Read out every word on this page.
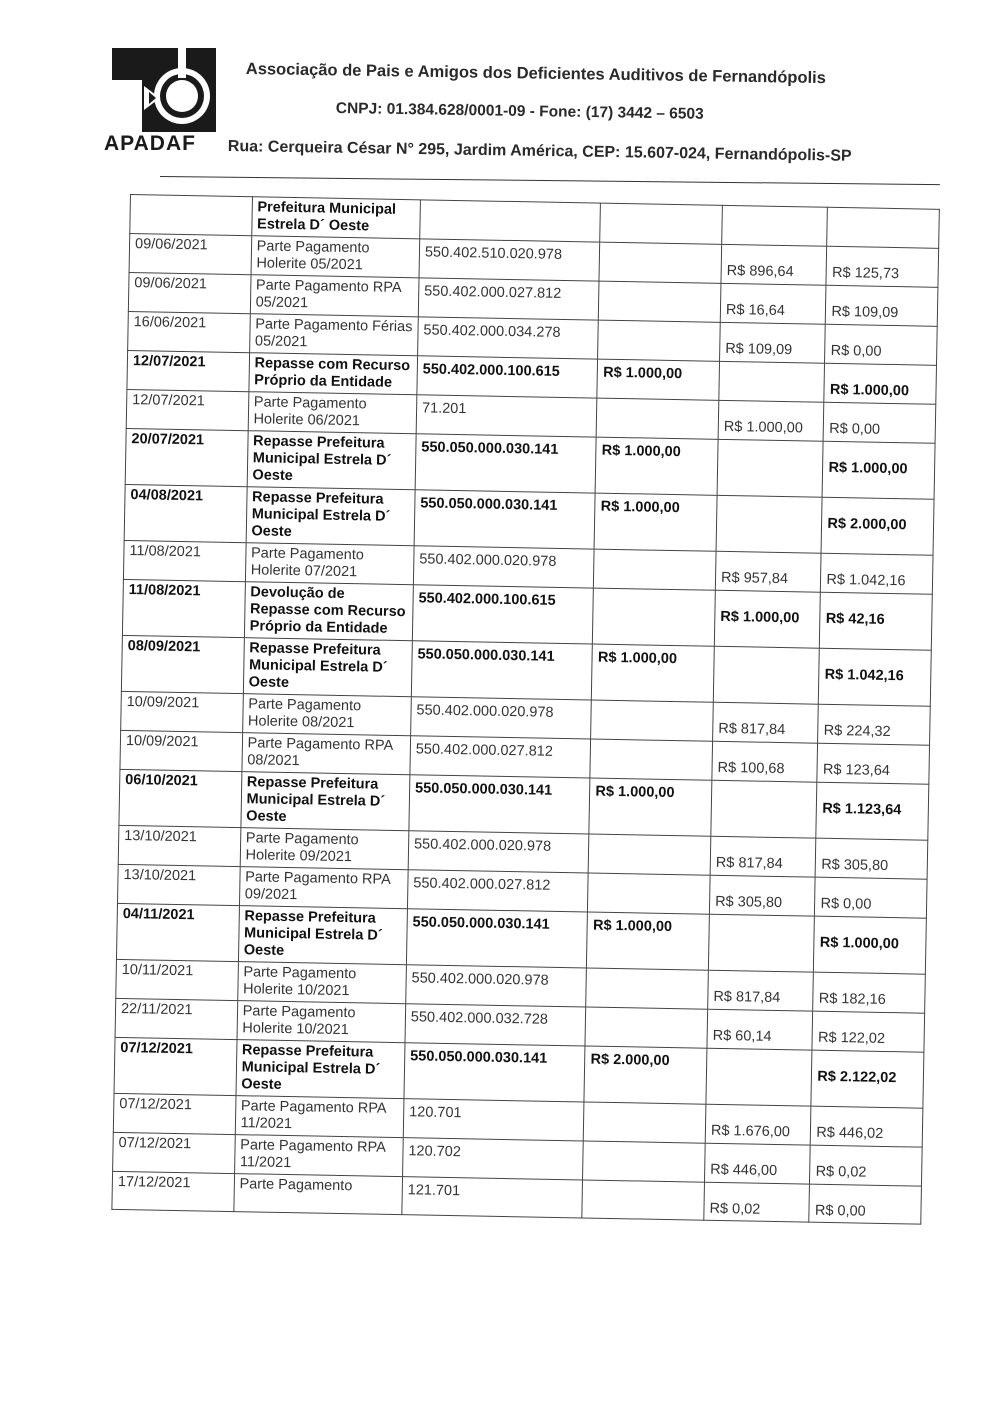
APADAF
Associação de Pais e Amigos dos Deficientes Auditivos de Fernandópolis
CNPJ: 01.384.628/0001-09 - Fone: (17) 3442 – 6503
Rua: Cerqueira César N° 295, Jardim América, CEP: 15.607-024, Fernandópolis-SP
	Prefeitura Municipal Estrela D´ Oeste				
09/06/2021	Parte Pagamento Holerite 05/2021	550.402.510.020.978		R$ 896,64	R$ 125,73
09/06/2021	Parte Pagamento RPA 05/2021	550.402.000.027.812		R$ 16,64	R$ 109,09
16/06/2021	Parte Pagamento Férias 05/2021	550.402.000.034.278		R$ 109,09	R$ 0,00
12/07/2021	Repasse com Recurso Próprio da Entidade	550.402.000.100.615	R$ 1.000,00		R$ 1.000,00
12/07/2021	Parte Pagamento Holerite 06/2021	71.201		R$ 1.000,00	R$ 0,00
20/07/2021	Repasse Prefeitura Municipal Estrela D´ Oeste	550.050.000.030.141	R$ 1.000,00		R$ 1.000,00
04/08/2021	Repasse Prefeitura Municipal Estrela D´ Oeste	550.050.000.030.141	R$ 1.000,00		R$ 2.000,00
11/08/2021	Parte Pagamento Holerite 07/2021	550.402.000.020.978		R$ 957,84	R$ 1.042,16
11/08/2021	Devolução de Repasse com Recurso Próprio da Entidade	550.402.000.100.615		R$ 1.000,00	R$ 42,16
08/09/2021	Repasse Prefeitura Municipal Estrela D´ Oeste	550.050.000.030.141	R$ 1.000,00		R$ 1.042,16
10/09/2021	Parte Pagamento Holerite 08/2021	550.402.000.020.978		R$ 817,84	R$ 224,32
10/09/2021	Parte Pagamento RPA 08/2021	550.402.000.027.812		R$ 100,68	R$ 123,64
06/10/2021	Repasse Prefeitura Municipal Estrela D´ Oeste	550.050.000.030.141	R$ 1.000,00		R$ 1.123,64
13/10/2021	Parte Pagamento Holerite 09/2021	550.402.000.020.978		R$ 817,84	R$ 305,80
13/10/2021	Parte Pagamento RPA 09/2021	550.402.000.027.812		R$ 305,80	R$ 0,00
04/11/2021	Repasse Prefeitura Municipal Estrela D´ Oeste	550.050.000.030.141	R$ 1.000,00		R$ 1.000,00
10/11/2021	Parte Pagamento Holerite 10/2021	550.402.000.020.978		R$ 817,84	R$ 182,16
22/11/2021	Parte Pagamento Holerite 10/2021	550.402.000.032.728		R$ 60,14	R$ 122,02
07/12/2021	Repasse Prefeitura Municipal Estrela D´ Oeste	550.050.000.030.141	R$ 2.000,00		R$ 2.122,02
07/12/2021	Parte Pagamento RPA 11/2021	120.701		R$ 1.676,00	R$ 446,02
07/12/2021	Parte Pagamento RPA 11/2021	120.702		R$ 446,00	R$ 0,02
17/12/2021	Parte Pagamento	121.701		R$ 0,02	R$ 0,00
